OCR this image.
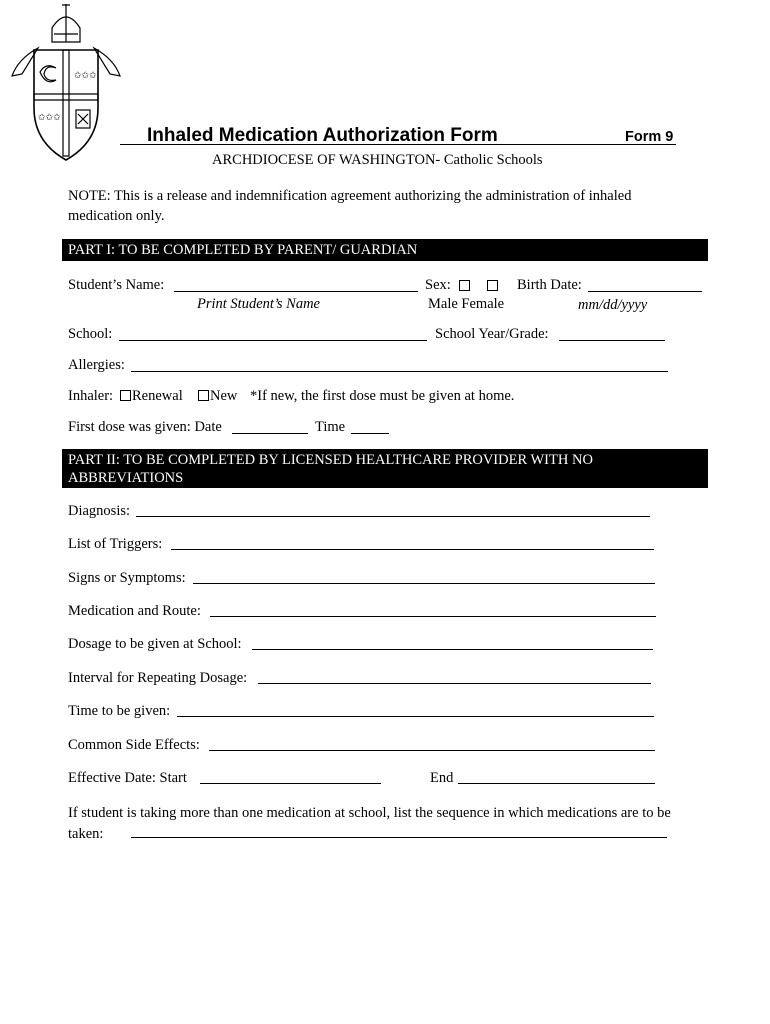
✩✩✩
✩✩✩
Inhaled Medication Authorization Form	Form 9
ARCHDIOCESE OF WASHINGTON- Catholic Schools
NOTE: This is a release and indemnification agreement authorizing the administration of inhaled medication only.
PART I: TO BE COMPLETED BY PARENT/ GUARDIAN
Student’s Name:
Print Student’s Name
Sex:
Male Female
Birth Date:
mm/dd/yyyy
School:	School Year/Grade:
Allergies:
Inhaler: Renewal New *If new, the first dose must be given at home.
First dose was given: Date	Time
PART II: TO BE COMPLETED BY LICENSED HEALTHCARE PROVIDER WITH NO ABBREVIATIONS
Diagnosis:
List of Triggers:
Signs or Symptoms:
Medication and Route:
Dosage to be given at School:
Interval for Repeating Dosage:
Time to be given:
Common Side Effects:
Effective Date: Start	End
If student is taking more than one medication at school, list the sequence in which medications are to be taken:
